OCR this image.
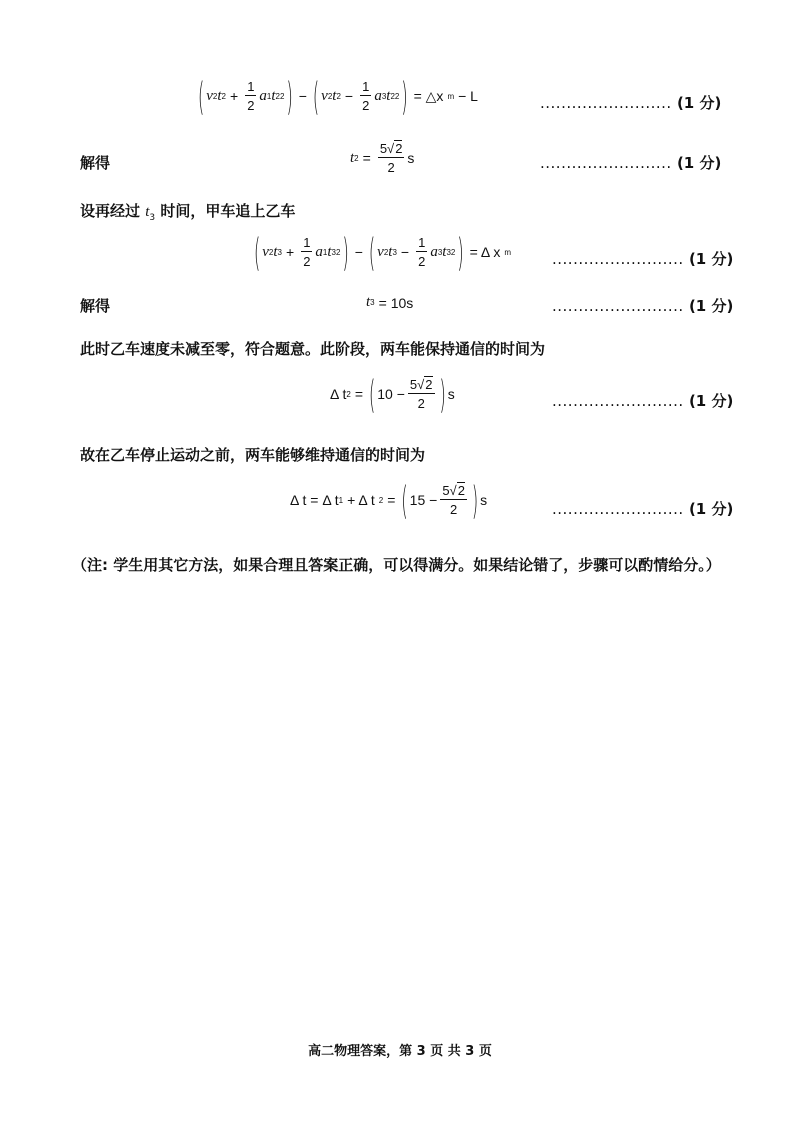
( v 2 t $2 + \frac{1}{2}$ a 1 t 2 2 ) − ( v 2 t $2 - \frac{1}{2}$ a 3 t 2 2 ) = △x m − L	......................... (1 分)
解得	t $2 = \frac{5√2}{2}$ s	......................... (1 分)
设再经过 $t_3$ 时间，甲车追上乙车
( v 2 t $3 + \frac{1}{2}$ a 1 t 3 2 ) − ( v 2 t $3 - \frac{1}{2}$ a 3 t 3 2 ) = Δ x m	......................... (1 分)
解得	t 3 = 10s	......................... (1 分)
此时乙车速度未减至零，符合题意。此阶段，两车能保持通信的时间为
Δ t 2 = ( $10 - \frac{5√2}{2}$ ) s	......................... (1 分)
故在乙车停止运动之前，两车能够维持通信的时间为
Δ t = Δ t 1 + Δ t 2 = ( $15 - \frac{5√2}{2}$ ) s	......................... (1 分)
（注: 学生用其它方法，如果合理且答案正确，可以得满分。如果结论错了，步骤可以酌情给分。）
高二物理答案，第 3 页 共 3 页
